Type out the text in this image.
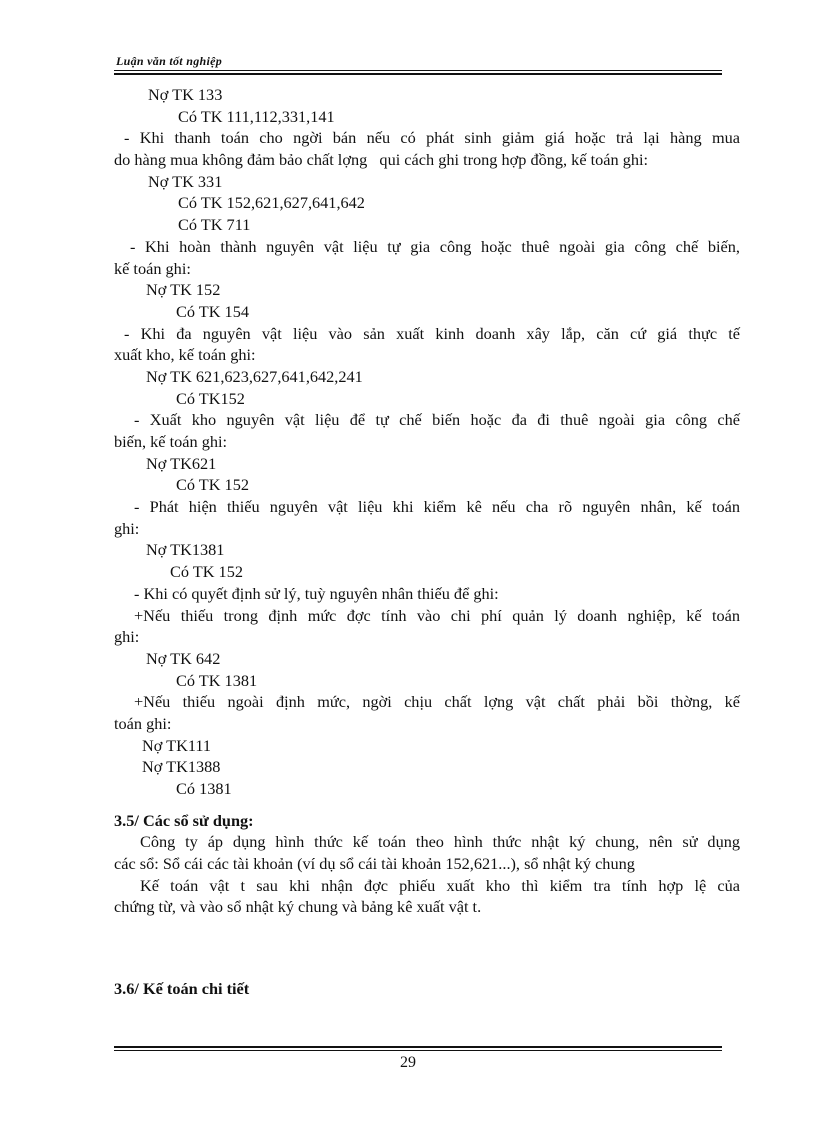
Luận văn tốt nghiệp
Nợ TK 133
Có TK 111,112,331,141
- Khi thanh toán cho ngời bán nếu có phát sinh giảm giá hoặc trả lại hàng mua
do hàng mua không đảm bảo chất lợng   qui cách ghi trong hợp đồng, kế toán ghi:
Nợ TK 331
Có TK 152,621,627,641,642
Có TK 711
- Khi hoàn thành nguyên vật liệu tự gia công hoặc thuê ngoài gia công chế biến,
kế toán ghi:
Nợ TK 152
Có TK 154
- Khi đa nguyên vật liệu vào sản xuất kinh doanh xây lắp, căn cứ giá thực tế
xuất kho, kế toán ghi:
Nợ TK 621,623,627,641,642,241
Có TK152
- Xuất kho nguyên vật liệu để tự chế biến hoặc đa đi thuê ngoài gia công chế
biến, kế toán ghi:
Nợ TK621
Có TK 152
- Phát hiện thiếu nguyên vật liệu khi kiểm kê nếu cha rõ nguyên nhân, kế toán
ghi:
Nợ TK1381
Có TK 152
- Khi có quyết định sử lý, tuỳ nguyên nhân thiếu để ghi:
+Nếu thiếu trong định mức đợc tính vào chi phí quản lý doanh nghiệp, kế toán
ghi:
Nợ TK 642
Có TK 1381
+Nếu thiếu ngoài định mức, ngời chịu chất lợng vật chất phải bồi thờng, kế
toán ghi:
Nợ TK111
Nợ TK1388
Có 1381
3.5/ Các sổ sử dụng:
Công ty áp dụng hình thức kế toán theo hình thức nhật ký chung, nên sử dụng
các sổ: Sổ cái các tài khoản (ví dụ sổ cái tài khoản 152,621...), sổ nhật ký chung
Kế toán vật t sau khi nhận đợc phiếu xuất kho thì kiểm tra tính hợp lệ của
chứng từ, và vào sổ nhật ký chung và bảng kê xuất vật t.
3.6/ Kế toán chi tiết
29
